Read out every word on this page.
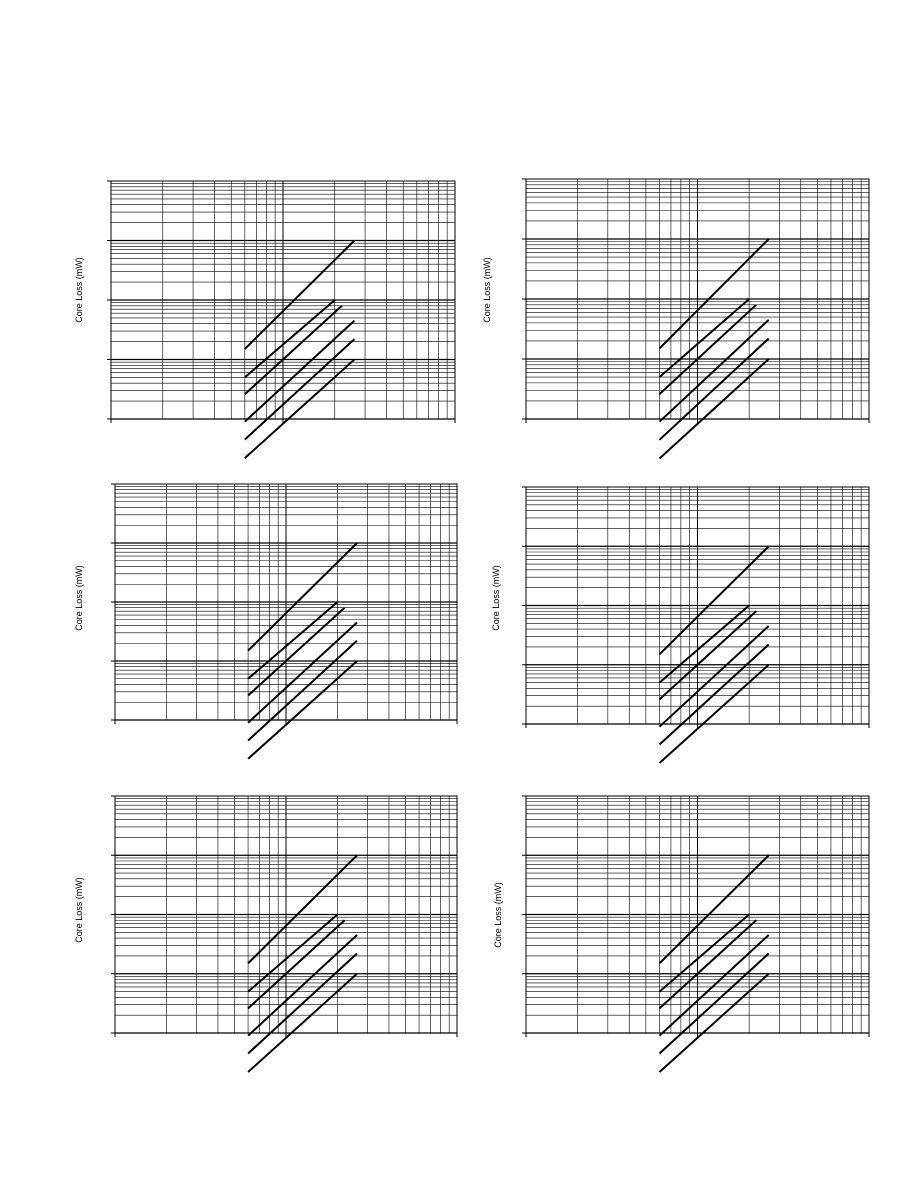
Core Loss (mW)	Core Loss (mW)
Core Loss (mW)	Core Loss (mW)
Core Loss (mW)	Core Loss (mW)
